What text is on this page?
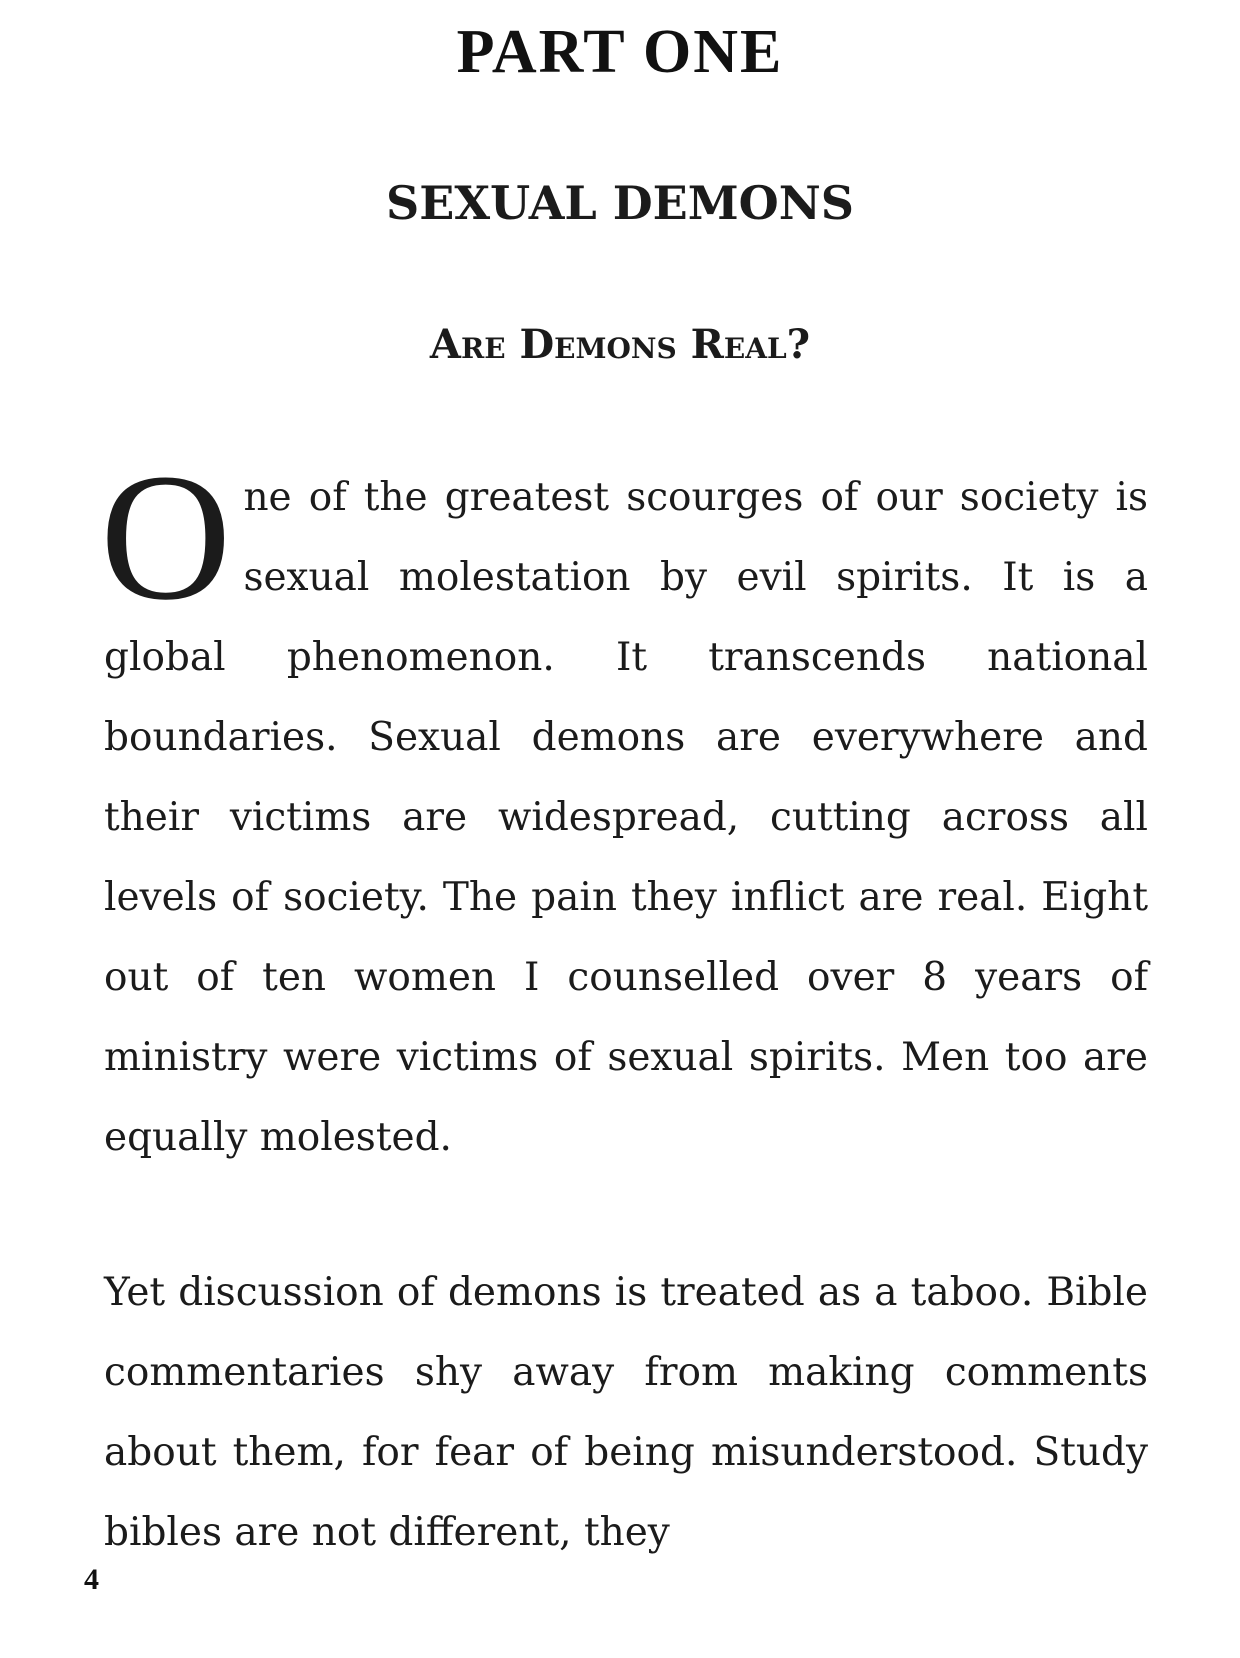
PART ONE
SEXUAL DEMONS
Are Demons Real?

One of the greatest scourges of our society is sexual molestation by evil spirits. It is a global phenomenon. It transcends national boundaries. Sexual demons are everywhere and their victims are widespread, cutting across all levels of society. The pain they inflict are real. Eight out of ten women I counselled over 8 years of ministry were victims of sexual spirits. Men too are equally molested.

Yet discussion of demons is treated as a taboo. Bible commentaries shy away from making comments about them, for fear of being misunderstood. Study bibles are not different, they

4
